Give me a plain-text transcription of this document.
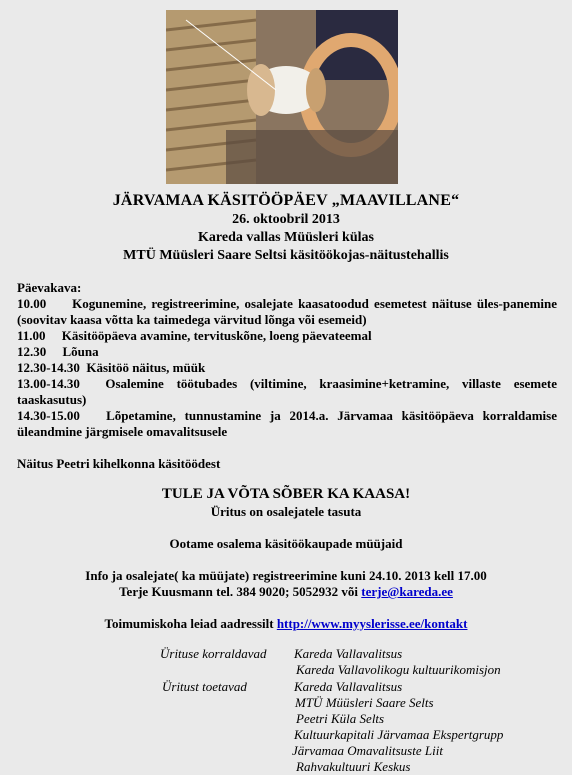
JÄRVAMAA KÄSITÖÖPÄEV „MAAVILLANE“
26. oktoobril 2013
Kareda vallas Müüsleri külas
MTÜ Müüsleri Saare Seltsi käsitöökojas-näitustehallis
Päevakava:
10.00 Kogunemine, registreerimine, osalejate kaasatoodud esemetest näituse üles-panemine (soovitav kaasa võtta ka taimedega värvitud lõnga või esemeid)
11.00 Käsitööpäeva avamine, tervituskõne, loeng päevateemal
12.30 Lõuna
12.30-14.30 Käsitöö näitus, müük
13.00-14.30 Osalemine töötubades (viltimine, kraasimine+ketramine, villaste esemete taaskasutus)
14.30-15.00 Lõpetamine, tunnustamine ja 2014.a. Järvamaa käsitööpäeva korraldamise üleandmine järgmisele omavalitsusele
Näitus Peetri kihelkonna käsitöödest
TULE JA VÕTA SÕBER KA KAASA!
Üritus on osalejatele tasuta
Ootame osalema käsitöökaupade müüjaid
Info ja osalejate( ka müüjate) registreerimine kuni 24.10. 2013 kell 17.00
Terje Kuusmann tel. 384 9020; 5052932 või terje@kareda.ee
Toimumiskoha leiad aadressilt http://www.myyslerisse.ee/kontakt
Ürituse korraldavad Kareda Vallavalitsus
Kareda Vallavolikogu kultuurikomisjon
Üritust toetavad	Kareda Vallavalitsus
MTÜ Müüsleri Saare Selts
Peetri Küla Selts
Kultuurkapitali Järvamaa Ekspertgrupp
Järvamaa Omavalitsuste Liit
Rahvakultuuri Keskus
